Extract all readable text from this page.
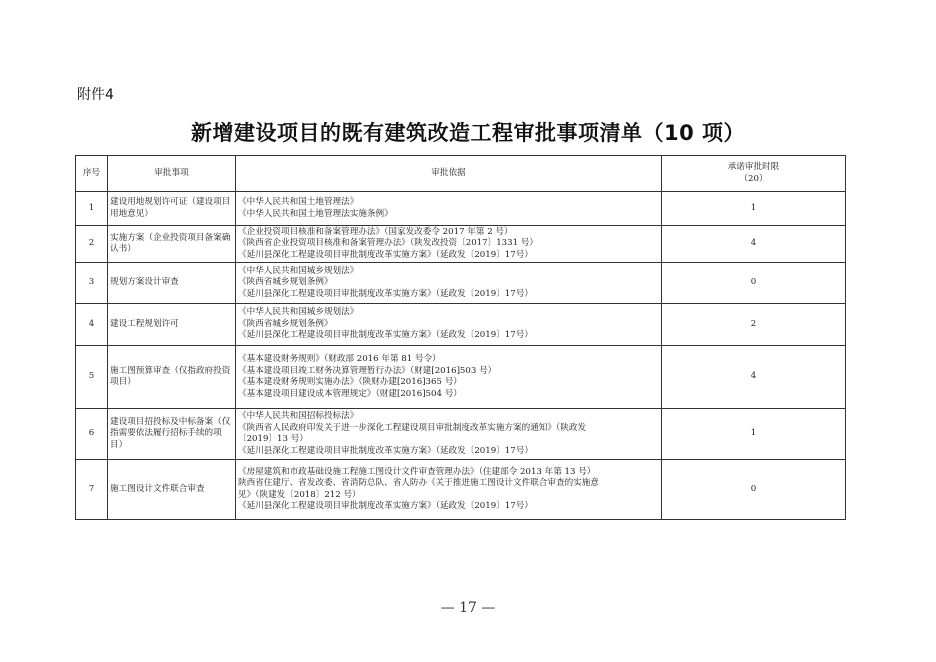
附件4
新增建设项目的既有建筑改造工程审批事项清单（10 项）
序号	审批事项	审批依据	承诺审批时限
（20）

1	建设用地规划许可证（建设项目用地意见）	《中华人民共和国土地管理法》
《中华人民共和国土地管理法实施条例》	1
2	实施方案（企业投资项目备案确认书）	《企业投资项目核准和备案管理办法》（国家发改委令 2017 年第 2 号）
《陕西省企业投资项目核准和备案管理办法》（陕发改投资〔2017〕1331 号）
《延川县深化工程建设项目审批制度改革实施方案》（延政发〔2019〕17号）	4
3	规划方案设计审查	《中华人民共和国城乡规划法》
《陕西省城乡规划条例》
《延川县深化工程建设项目审批制度改革实施方案》（延政发〔2019〕17号）	0
4	建设工程规划许可	《中华人民共和国城乡规划法》
《陕西省城乡规划条例》
《延川县深化工程建设项目审批制度改革实施方案》（延政发〔2019〕17号）	2
5	施工图预算审查（仅指政府投资项目）	《基本建设财务规则》（财政部 2016 年第 81 号令）
《基本建设项目竣工财务决算管理暂行办法》（财建[2016]503 号）
《基本建设财务规则实施办法》（陕财办建[2016]365 号）
《基本建设项目建设成本管理规定》（财建[2016]504 号）	4
6	建设项目招投标及中标备案（仅指需要依法履行招标手续的项目）	《中华人民共和国招标投标法》
《陕西省人民政府印发关于进一步深化工程建设项目审批制度改革实施方案的通知》（陕政发
〔2019〕13 号）
《延川县深化工程建设项目审批制度改革实施方案》（延政发〔2019〕17号）	1
7	施工图设计文件联合审查	《房屋建筑和市政基础设施工程施工图设计文件审查管理办法》（住建部令 2013 年第 13 号）
陕西省住建厅、省发改委、省消防总队、省人防办《关于推进施工图设计文件联合审查的实施意
见》（陕建发〔2018〕212 号）
《延川县深化工程建设项目审批制度改革实施方案》（延政发〔2019〕17号）	0
— 17 —
